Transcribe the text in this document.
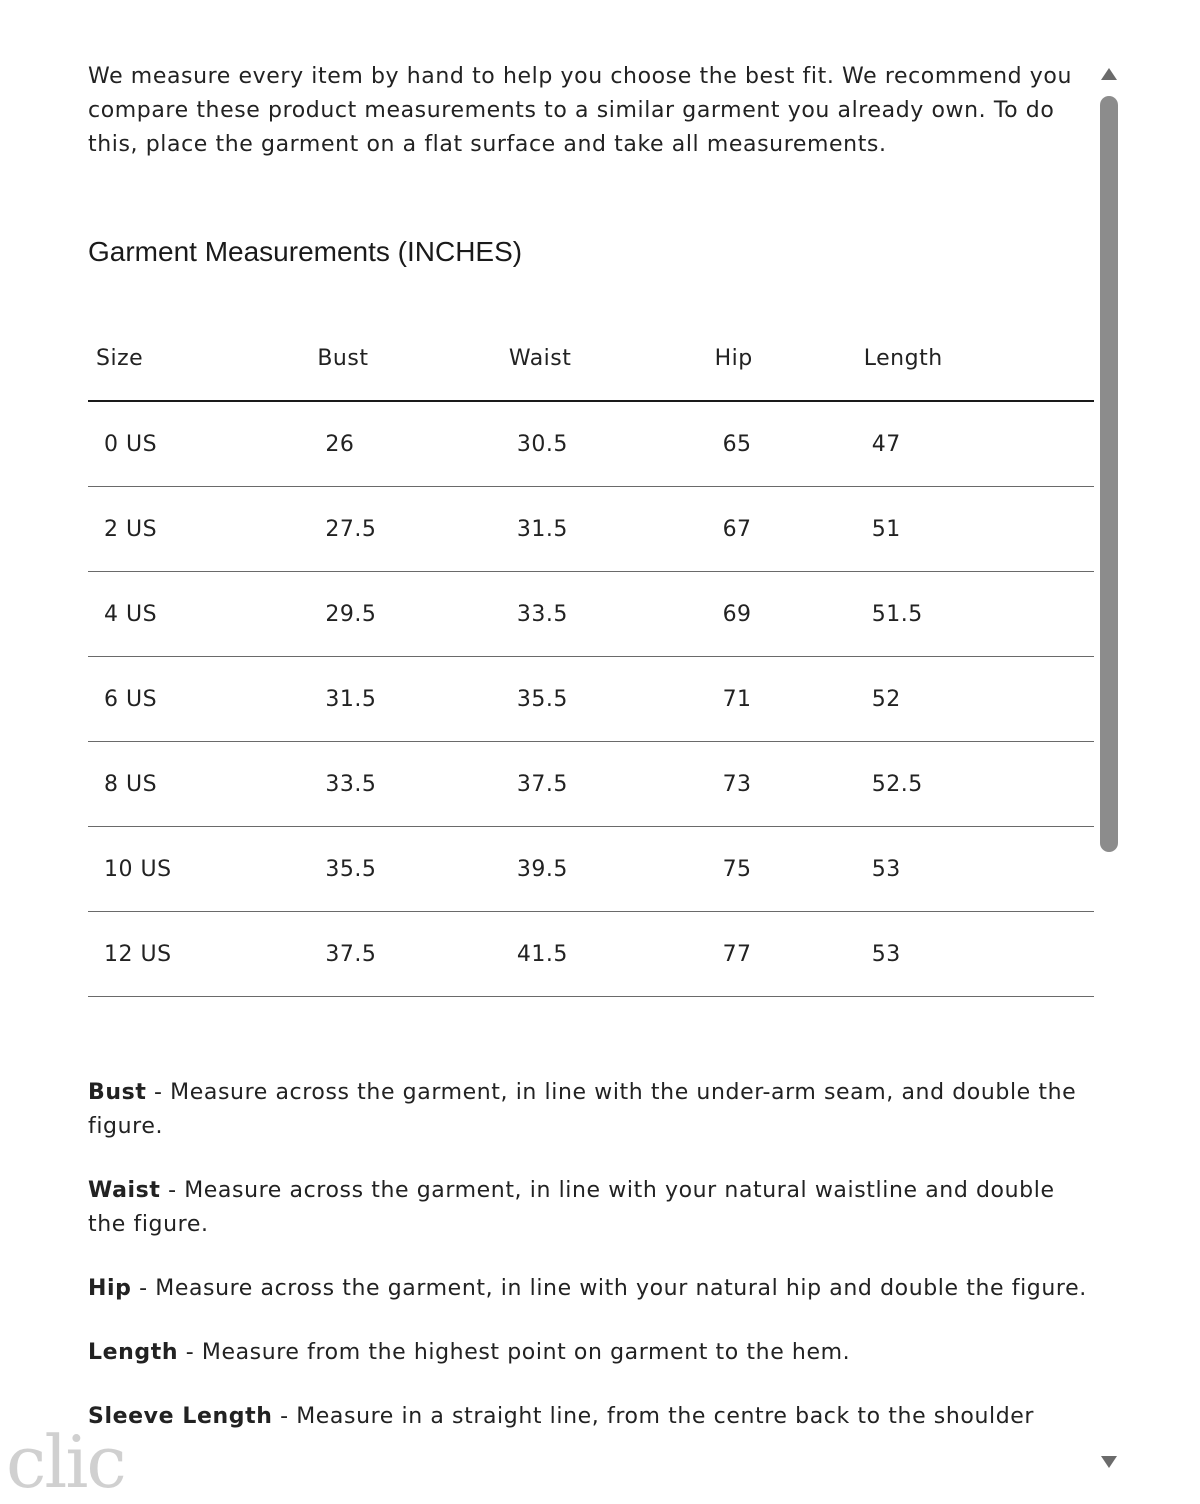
We measure every item by hand to help you choose the best fit. We recommend you compare these product measurements to a similar garment you already own. To do this, place the garment on a flat surface and take all measurements.

Garment Measurements (INCHES)
Size	Bust	Waist	Hip	Length
0 US	26	30.5	65	47
2 US	27.5	31.5	67	51
4 US	29.5	33.5	69	51.5
6 US	31.5	35.5	71	52
8 US	33.5	37.5	73	52.5
10 US	35.5	39.5	75	53
12 US	37.5	41.5	77	53

Bust - Measure across the garment, in line with the under-arm seam, and double the figure.

Waist - Measure across the garment, in line with your natural waistline and double the figure.

Hip - Measure across the garment, in line with your natural hip and double the figure.

Length - Measure from the highest point on garment to the hem.

Sleeve Length - Measure in a straight line, from the centre back to the shoulder

clic
